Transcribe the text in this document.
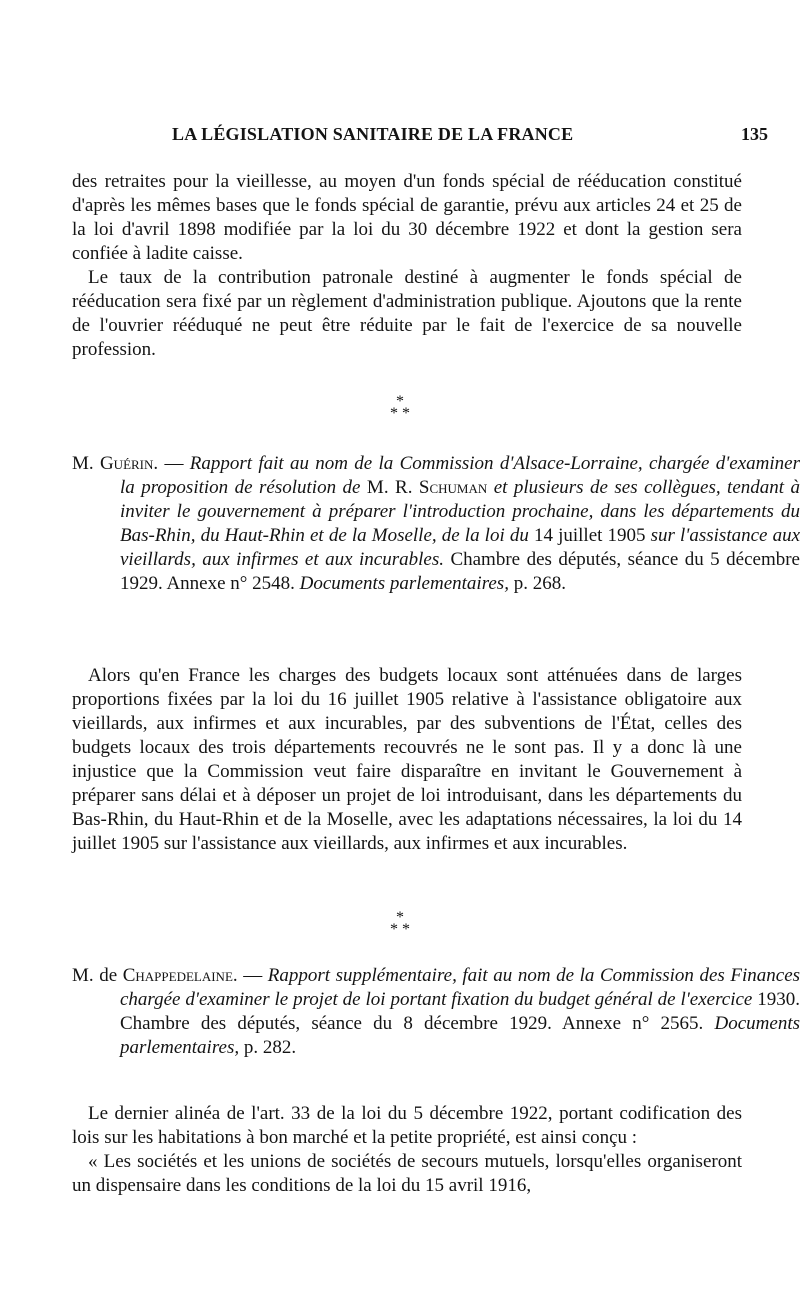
LA LÉGISLATION SANITAIRE DE LA FRANCE	135

des retraites pour la vieillesse, au moyen d'un fonds spécial de rééducation constitué d'après les mêmes bases que le fonds spécial de garantie, prévu aux articles 24 et 25 de la loi d'avril 1898 modifiée par la loi du 30 décembre 1922 et dont la gestion sera confiée à ladite caisse.

Le taux de la contribution patronale destiné à augmenter le fonds spécial de rééducation sera fixé par un règlement d'administration publique. Ajoutons que la rente de l'ouvrier rééduqué ne peut être réduite par le fait de l'exercice de sa nouvelle profession.

*
* *
M. Guérin. — Rapport fait au nom de la Commission d'Alsace-Lorraine, chargée d'examiner la proposition de résolution de M. R. Schuman et plusieurs de ses collègues, tendant à inviter le gouvernement à préparer l'introduction prochaine, dans les départements du Bas-Rhin, du Haut-Rhin et de la Moselle, de la loi du 14 juillet 1905 sur l'assistance aux vieillards, aux infirmes et aux incurables. Chambre des députés, séance du 5 décembre 1929. Annexe n° 2548. Documents parlementaires, p. 268.

Alors qu'en France les charges des budgets locaux sont atténuées dans de larges proportions fixées par la loi du 16 juillet 1905 relative à l'assistance obligatoire aux vieillards, aux infirmes et aux incurables, par des subventions de l'État, celles des budgets locaux des trois départements recouvrés ne le sont pas. Il y a donc là une injustice que la Commission veut faire disparaître en invitant le Gouvernement à préparer sans délai et à déposer un projet de loi introduisant, dans les départements du Bas-Rhin, du Haut-Rhin et de la Moselle, avec les adaptations nécessaires, la loi du 14 juillet 1905 sur l'assistance aux vieillards, aux infirmes et aux incurables.

*
* *
M. de Chappedelaine. — Rapport supplémentaire, fait au nom de la Commission des Finances chargée d'examiner le projet de loi portant fixation du budget général de l'exercice 1930. Chambre des députés, séance du 8 décembre 1929. Annexe n° 2565. Documents parlementaires, p. 282.

Le dernier alinéa de l'art. 33 de la loi du 5 décembre 1922, portant codification des lois sur les habitations à bon marché et la petite propriété, est ainsi conçu :

« Les sociétés et les unions de sociétés de secours mutuels, lorsqu'elles organiseront un dispensaire dans les conditions de la loi du 15 avril 1916,
